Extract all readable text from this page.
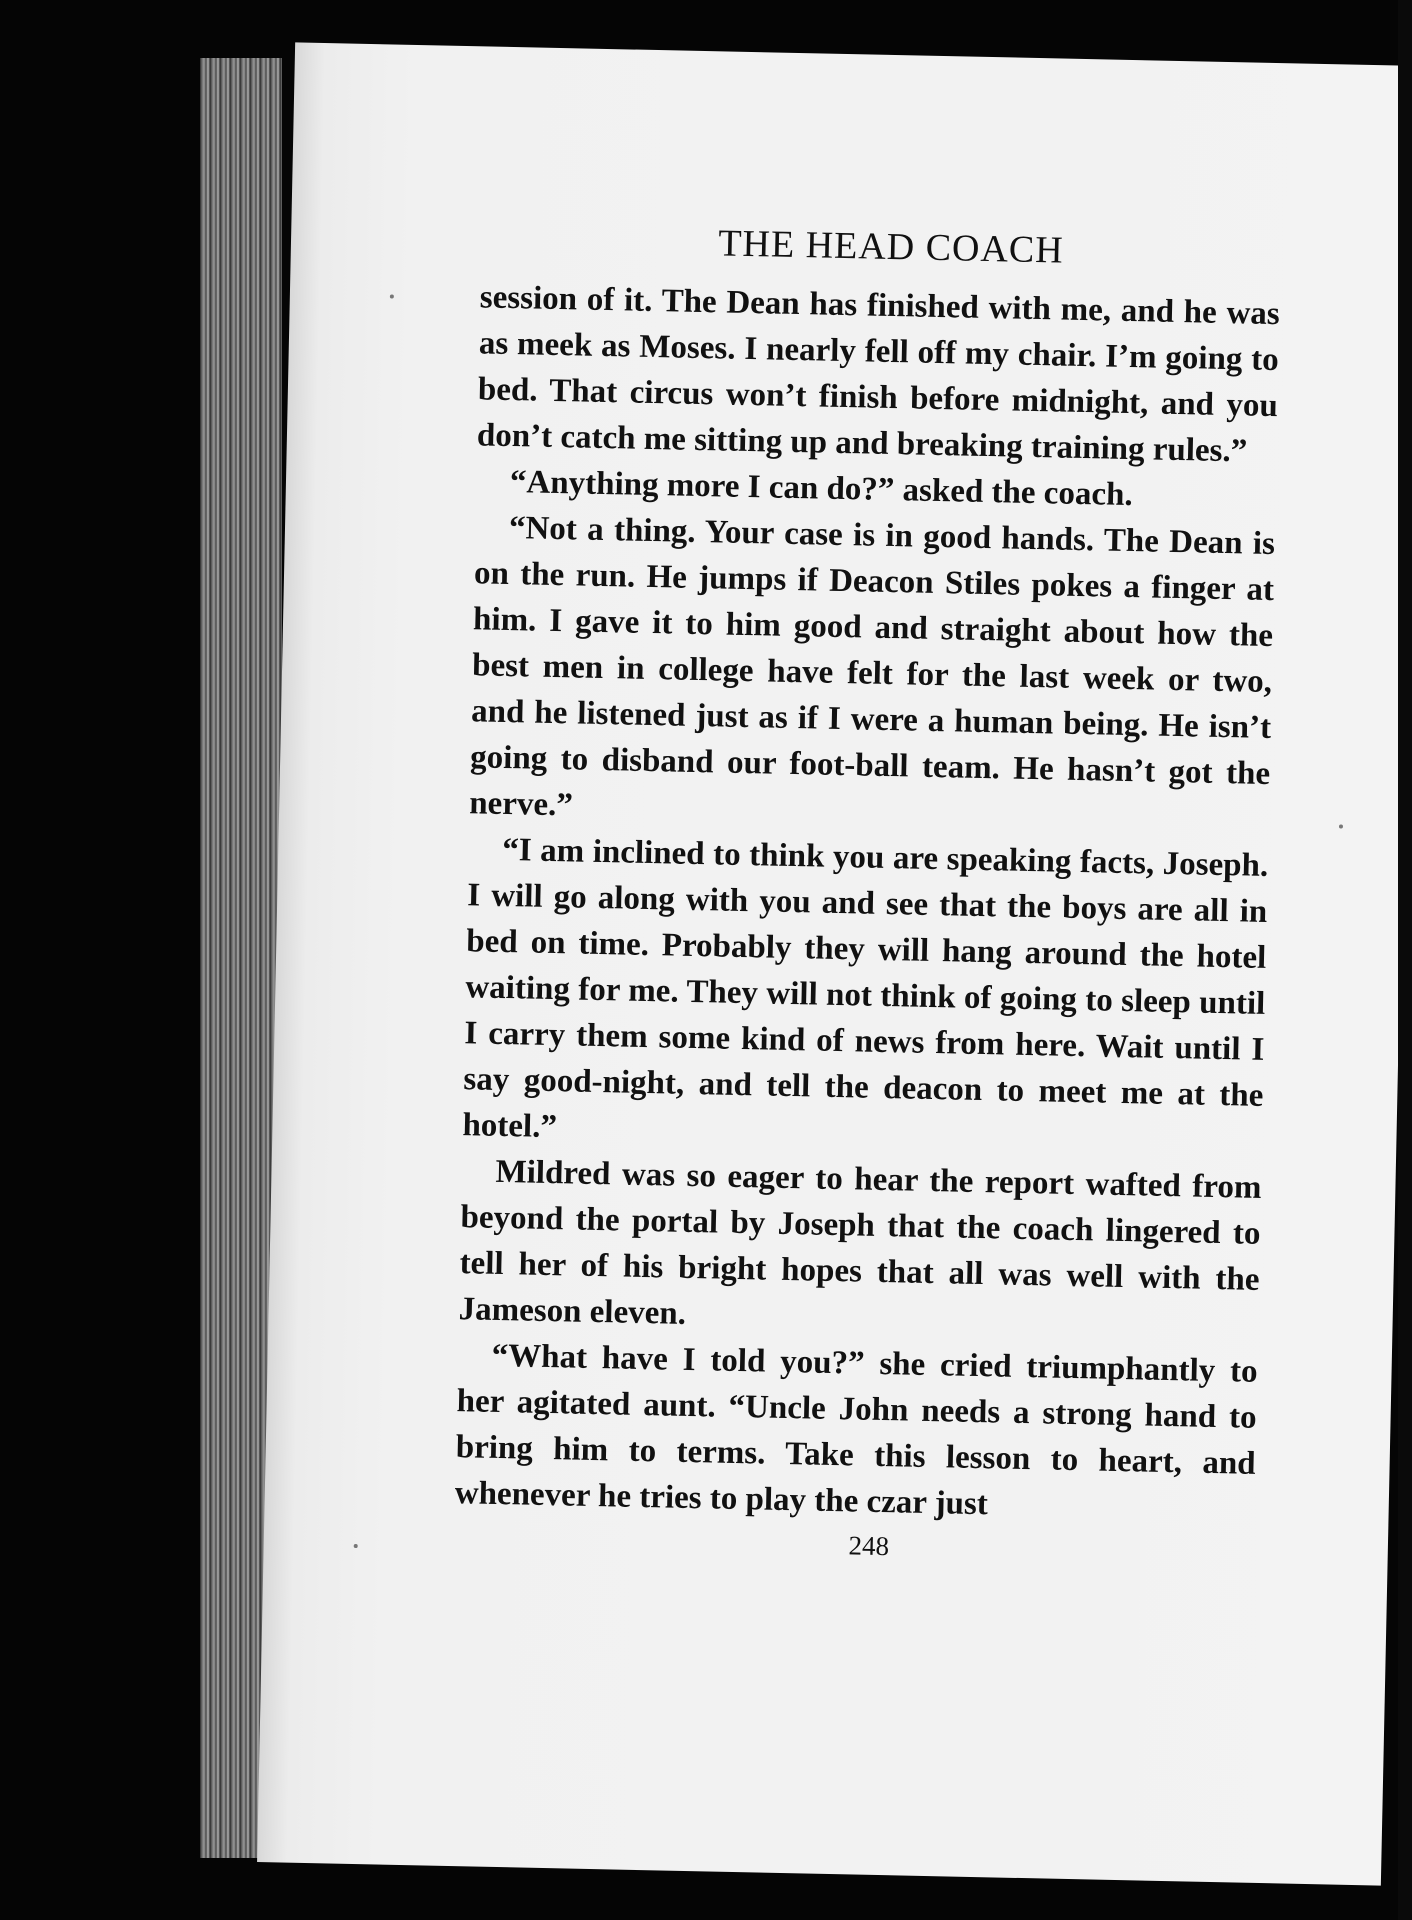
THE HEAD COACH

session of it. The Dean has finished with me, and he was as meek as Moses. I nearly fell off my chair. I’m going to bed. That circus won’t finish before midnight, and you don’t catch me sitting up and breaking training rules.”

“Anything more I can do?” asked the coach.

“Not a thing. Your case is in good hands. The Dean is on the run. He jumps if Deacon Stiles pokes a finger at him. I gave it to him good and straight about how the best men in college have felt for the last week or two, and he listened just as if I were a human being. He isn’t going to disband our foot-ball team. He hasn’t got the nerve.”

“I am inclined to think you are speaking facts, Joseph. I will go along with you and see that the boys are all in bed on time. Probably they will hang around the hotel waiting for me. They will not think of going to sleep until I carry them some kind of news from here. Wait until I say good-night, and tell the deacon to meet me at the hotel.”

Mildred was so eager to hear the report wafted from beyond the portal by Joseph that the coach lingered to tell her of his bright hopes that all was well with the Jameson eleven.

“What have I told you?” she cried triumphantly to her agitated aunt. “Uncle John needs a strong hand to bring him to terms. Take this lesson to heart, and whenever he tries to play the czar just

248
